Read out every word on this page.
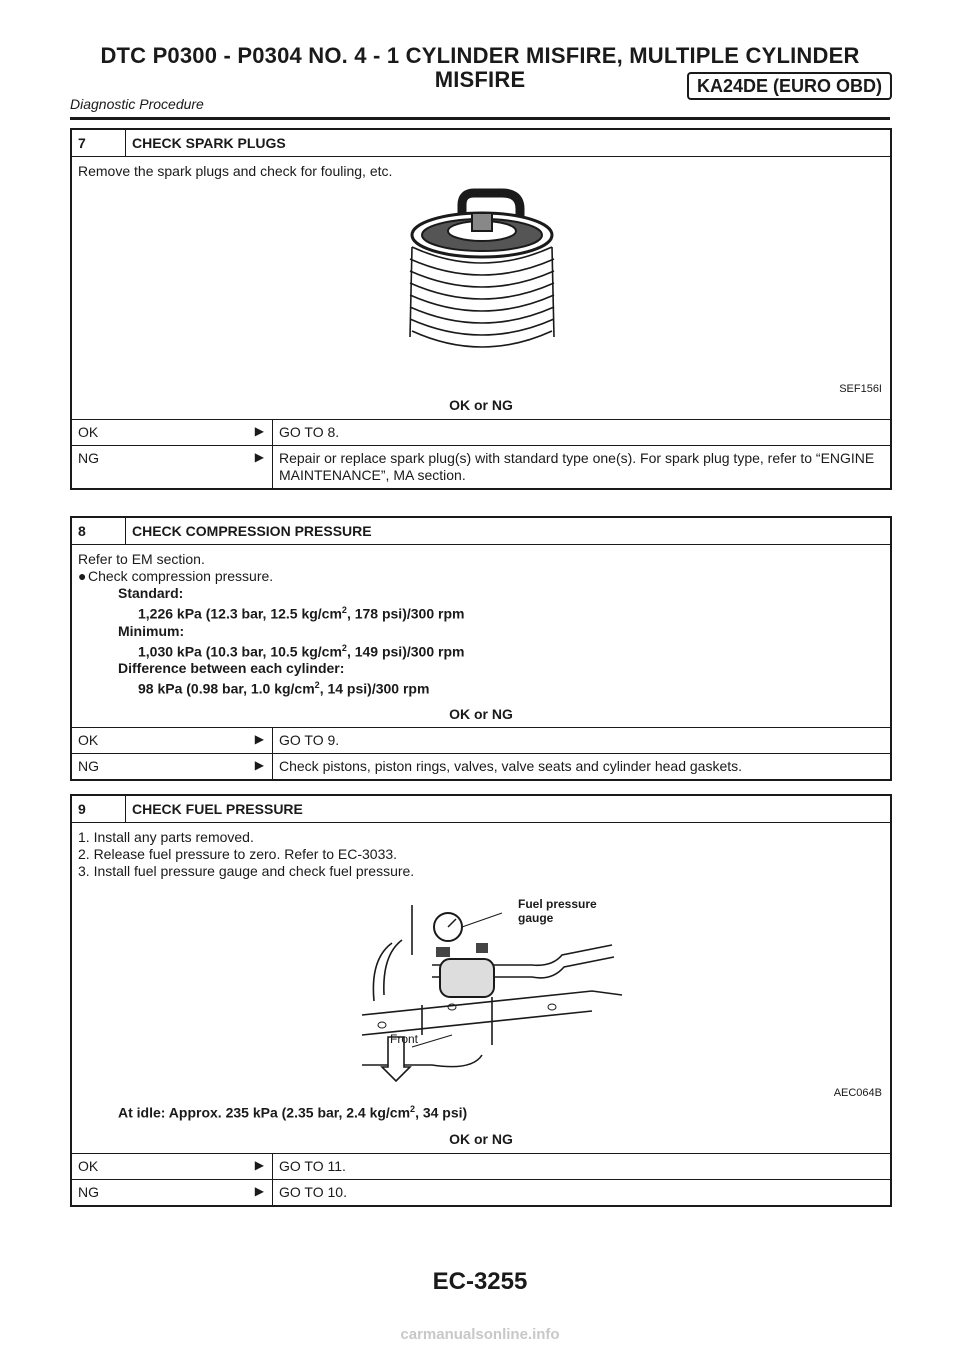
DTC P0300 - P0304 NO. 4 - 1 CYLINDER MISFIRE, MULTIPLE CYLINDER
MISFIRE	KA24DE (EURO OBD)
Diagnostic Procedure
7	CHECK SPARK PLUGS
Remove the spark plugs and check for fouling, etc.
SEF156I
OK or NG
OK	▶	GO TO 8.
NG	▶	Repair or replace spark plug(s) with standard type one(s). For spark plug type, refer to “ENGINE MAINTENANCE”, MA section.
8	CHECK COMPRESSION PRESSURE
Refer to EM section.
● Check compression pressure.
Standard:
1,226 kPa (12.3 bar, 12.5 $kg/cm^2$, 178 psi)/300 rpm
Minimum:
1,030 kPa (10.3 bar, 10.5 $kg/cm^2$, 149 psi)/300 rpm
Difference between each cylinder:
98 kPa (0.98 bar, 1.0 $kg/cm^2$, 14 psi)/300 rpm
OK or NG
OK	▶	GO TO 9.
NG	▶	Check pistons, piston rings, valves, valve seats and cylinder head gaskets.
9	CHECK FUEL PRESSURE
1. Install any parts removed.
2. Release fuel pressure to zero. Refer to EC-3033.
3. Install fuel pressure gauge and check fuel pressure.
Fuel pressure
gauge
Front
AEC064B
At idle: Approx. 235 kPa (2.35 bar, 2.4 $kg/cm^2$, 34 psi)
OK or NG
OK	▶	GO TO 11.
NG	▶	GO TO 10.
EC-3255
carmanualsonline.info
